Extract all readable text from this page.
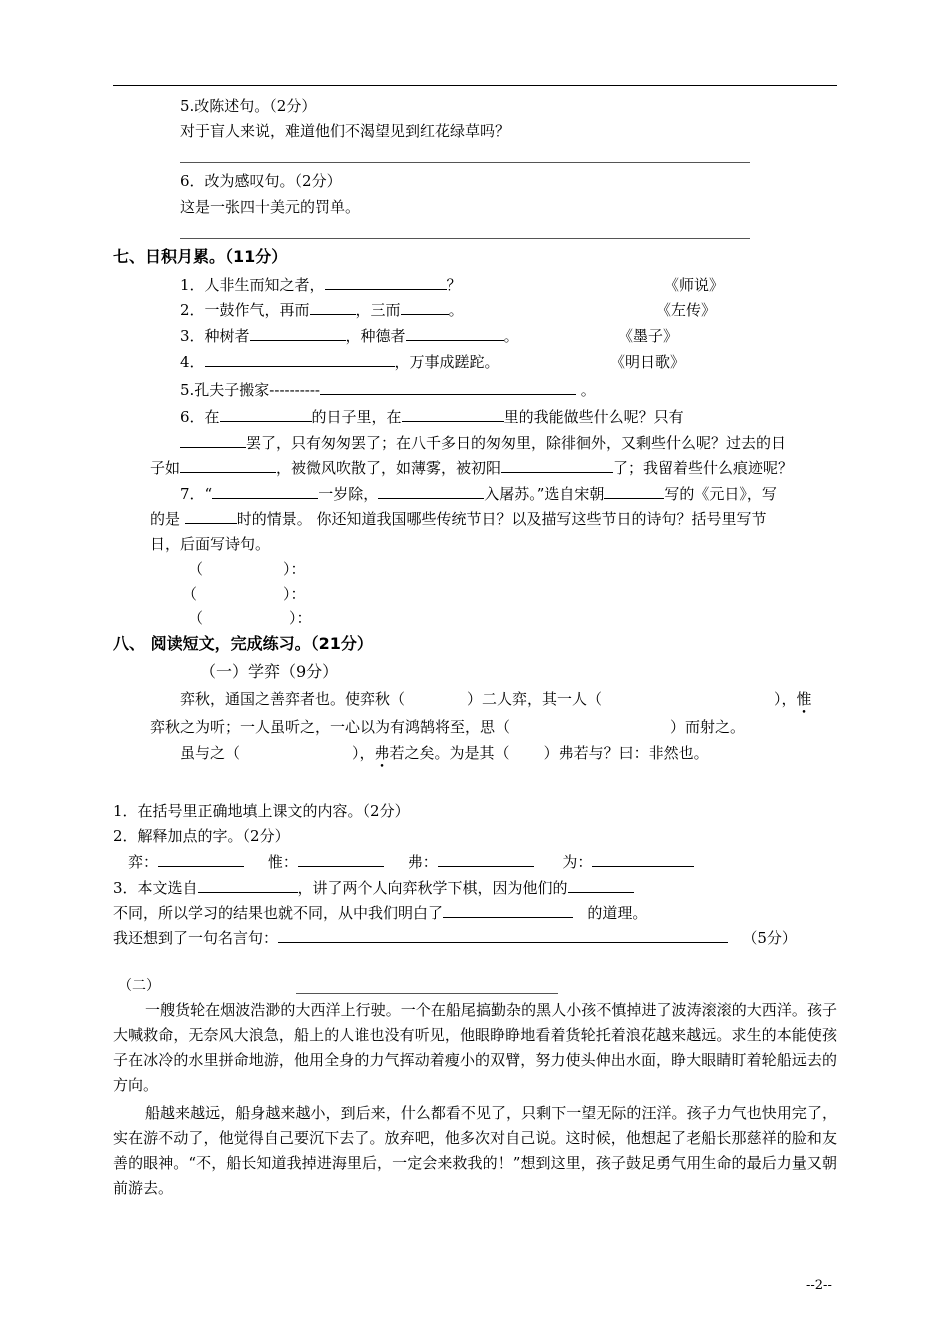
5.改陈述句。（2分）
对于盲人来说，难道他们不渴望见到红花绿草吗？
6．改为感叹句。（2分）
这是一张四十美元的罚单。
七、日积月累。（11分）
1．人非生而知之者，	？	《师说》
2．一鼓作气，再而	，三而	。	《左传》
3．种树者	，种德者	。	《墨子》
4．	，万事成蹉跎。	《明日歌》
5.孔夫子搬家----------	。
6．在	的日子里，在	里的我能做些什么呢？只有
罢了，只有匆匆罢了；在八千多日的匆匆里，除徘徊外，又剩些什么呢？过去的日
子如	，被微风吹散了，如薄雾，被初阳	了；我留着些什么痕迹呢？
7．“	一岁除，	入屠苏。”选自宋朝	写的《元日》，写
的是	时的情景。 你还知道我国哪些传统节日？以及描写这些节日的诗句？括号里写节
日，后面写诗句。
（	）：
（	）：
（	）：
八、 阅读短文，完成练习。（21分）
（一）学弈（9分）
弈秋，通国之善弈者也。使弈秋（	）二人弈，其一人（	），惟
弈秋之为听；一人虽听之，一心以为有鸿鹄将至，思（	）而射之。
虽与之（	），弗若之矣。为是其（ ）弗若与？曰：非然也。
1．在括号里正确地填上课文的内容。（2分）
2．解释加点的字。（2分）
弈：	惟：	弗：	为：
3．本文选自	，讲了两个人向弈秋学下棋，因为他们的
不同，所以学习的结果也就不同，从中我们明白了	的道理。
我还想到了一句名言句：	（5分）
（二）
一艘货轮在烟波浩渺的大西洋上行驶。一个在船尾搞勤杂的黑人小孩不慎掉进了波涛滚滚的大西洋。孩子大喊救命，无奈风大浪急，船上的人谁也没有听见，他眼睁睁地看着货轮托着浪花越来越远。求生的本能使孩子在冰冷的水里拼命地游，他用全身的力气挥动着瘦小的双臂，努力使头伸出水面，睁大眼睛盯着轮船远去的方向。
船越来越远，船身越来越小，到后来，什么都看不见了，只剩下一望无际的汪洋。孩子力气也快用完了，实在游不动了，他觉得自己要沉下去了。放弃吧，他多次对自己说。这时候，他想起了老船长那慈祥的脸和友善的眼神。“不，船长知道我掉进海里后，一定会来救我的！”想到这里，孩子鼓足勇气用生命的最后力量又朝前游去。
--2--
